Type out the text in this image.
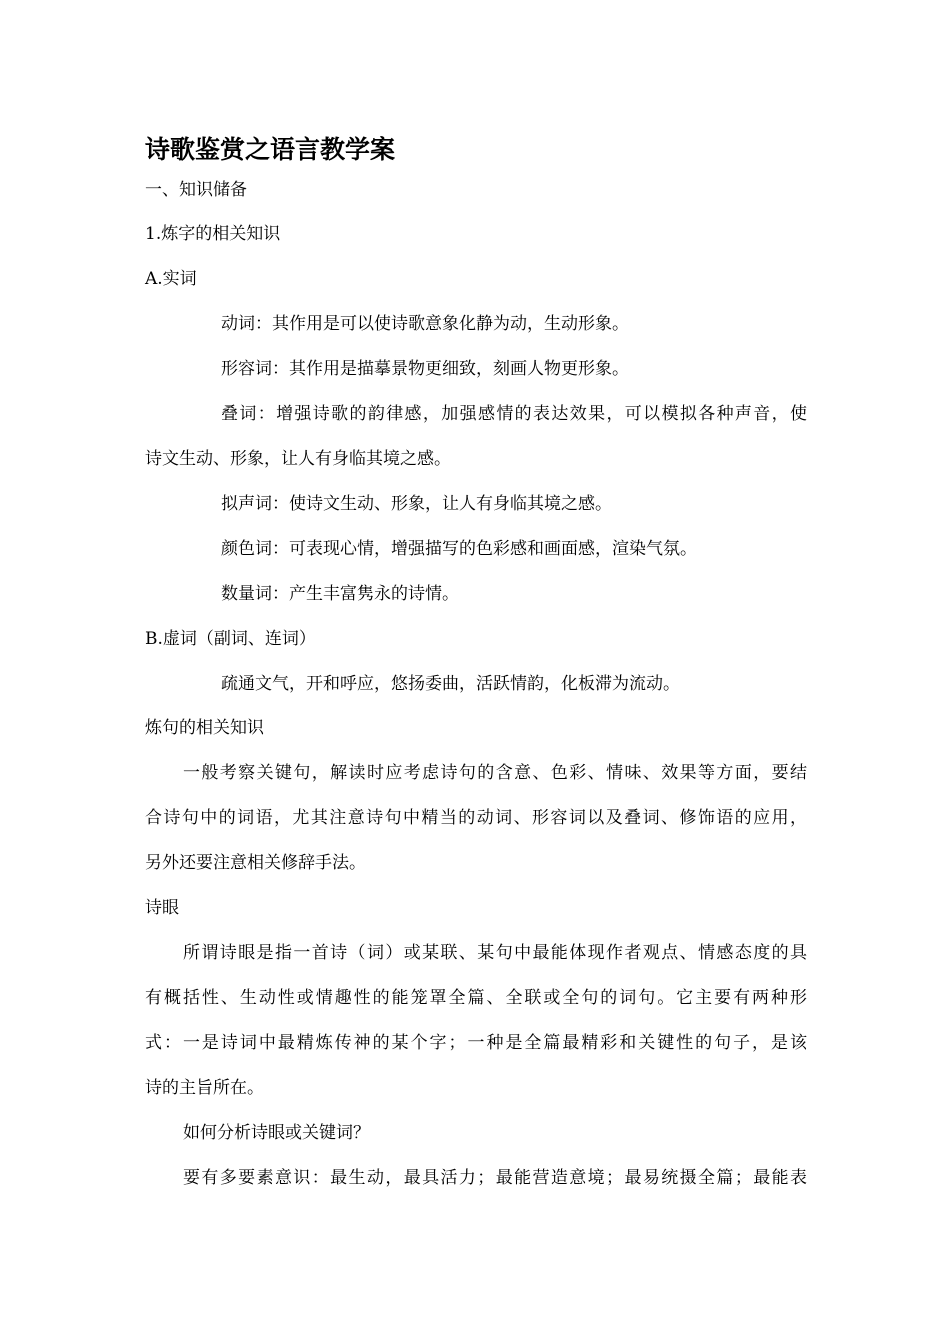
诗歌鉴赏之语言教学案
一、知识储备
1.炼字的相关知识
A.实词
动词：其作用是可以使诗歌意象化静为动，生动形象。
形容词：其作用是描摹景物更细致，刻画人物更形象。
叠词：增强诗歌的韵律感，加强感情的表达效果，可以模拟各种声音，使
诗文生动、形象，让人有身临其境之感。
拟声词：使诗文生动、形象，让人有身临其境之感。
颜色词：可表现心情，增强描写的色彩感和画面感，渲染气氛。
数量词：产生丰富隽永的诗情。
B.虚词（副词、连词）
疏通文气，开和呼应，悠扬委曲，活跃情韵，化板滞为流动。
炼句的相关知识
一般考察关键句，解读时应考虑诗句的含意、色彩、情味、效果等方面，要结
合诗句中的词语，尤其注意诗句中精当的动词、形容词以及叠词、修饰语的应用，
另外还要注意相关修辞手法。
诗眼
所谓诗眼是指一首诗（词）或某联、某句中最能体现作者观点、情感态度的具
有概括性、生动性或情趣性的能笼罩全篇、全联或全句的词句。它主要有两种形
式：一是诗词中最精炼传神的某个字；一种是全篇最精彩和关键性的句子，是该
诗的主旨所在。
如何分析诗眼或关键词？
要有多要素意识：最生动，最具活力；最能营造意境；最易统摄全篇；最能表
